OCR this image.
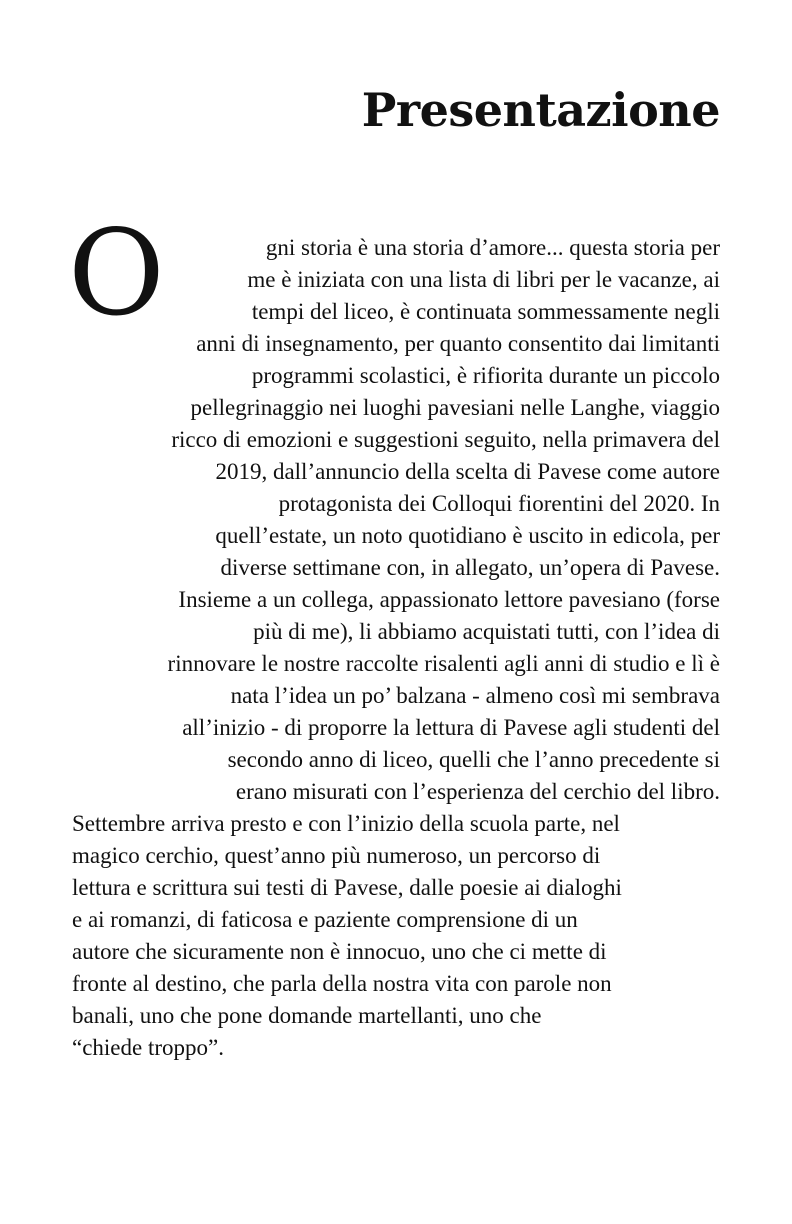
Presentazione
O	gni storia è una storia d’amore... questa storia per
me è iniziata con una lista di libri per le vacanze, ai
tempi del liceo, è continuata sommessamente negli
anni di insegnamento, per quanto consentito dai limitanti
programmi scolastici, è rifiorita durante un piccolo
pellegrinaggio nei luoghi pavesiani nelle Langhe, viaggio
ricco di emozioni e suggestioni seguito, nella primavera del
2019, dall’annuncio della scelta di Pavese come autore
protagonista dei Colloqui fiorentini del 2020. In
quell’estate, un noto quotidiano è uscito in edicola, per
diverse settimane con, in allegato, un’opera di Pavese.
Insieme a un collega, appassionato lettore pavesiano (forse
più di me), li abbiamo acquistati tutti, con l’idea di
rinnovare le nostre raccolte risalenti agli anni di studio e lì è
nata l’idea un po’ balzana - almeno così mi sembrava
all’inizio - di proporre la lettura di Pavese agli studenti del
secondo anno di liceo, quelli che l’anno precedente si
erano misurati con l’esperienza del cerchio del libro.
Settembre arriva presto e con l’inizio della scuola parte, nel
magico cerchio, quest’anno più numeroso, un percorso di
lettura e scrittura sui testi di Pavese, dalle poesie ai dialoghi
e ai romanzi, di faticosa e paziente comprensione di un
autore che sicuramente non è innocuo, uno che ci mette di
fronte al destino, che parla della nostra vita con parole non
banali, uno che pone domande martellanti, uno che
“chiede troppo”.
